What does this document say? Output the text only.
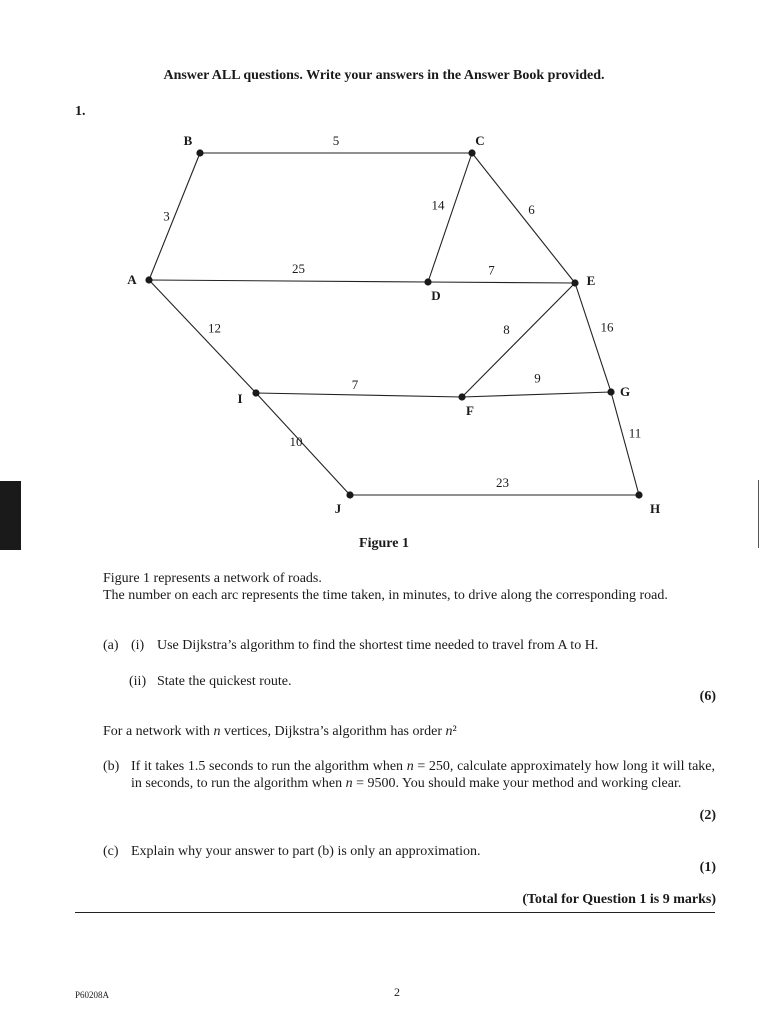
Answer ALL questions. Write your answers in the Answer Book provided.
1.
5
3
14	6
25	7
12	8	16
7	9
10
11
23
A
B	C
D
E
F
G
H
I
J
Figure 1
Figure 1 represents a network of roads.
The number on each arc represents the time taken, in minutes, to drive along the corresponding road.
(a) (i) Use Dijkstra’s algorithm to find the shortest time needed to travel from A to H.
(ii) State the quickest route.
(6)
For a network with n vertices, Dijkstra’s algorithm has order n²
(b) If it takes 1.5 seconds to run the algorithm when n = 250, calculate approximately how long it will take, in seconds, to run the algorithm when n = 9500. You should make your method and working clear.
(2)
(c) Explain why your answer to part (b) is only an approximation.
(1)
(Total for Question 1 is 9 marks)
P60208A	2
